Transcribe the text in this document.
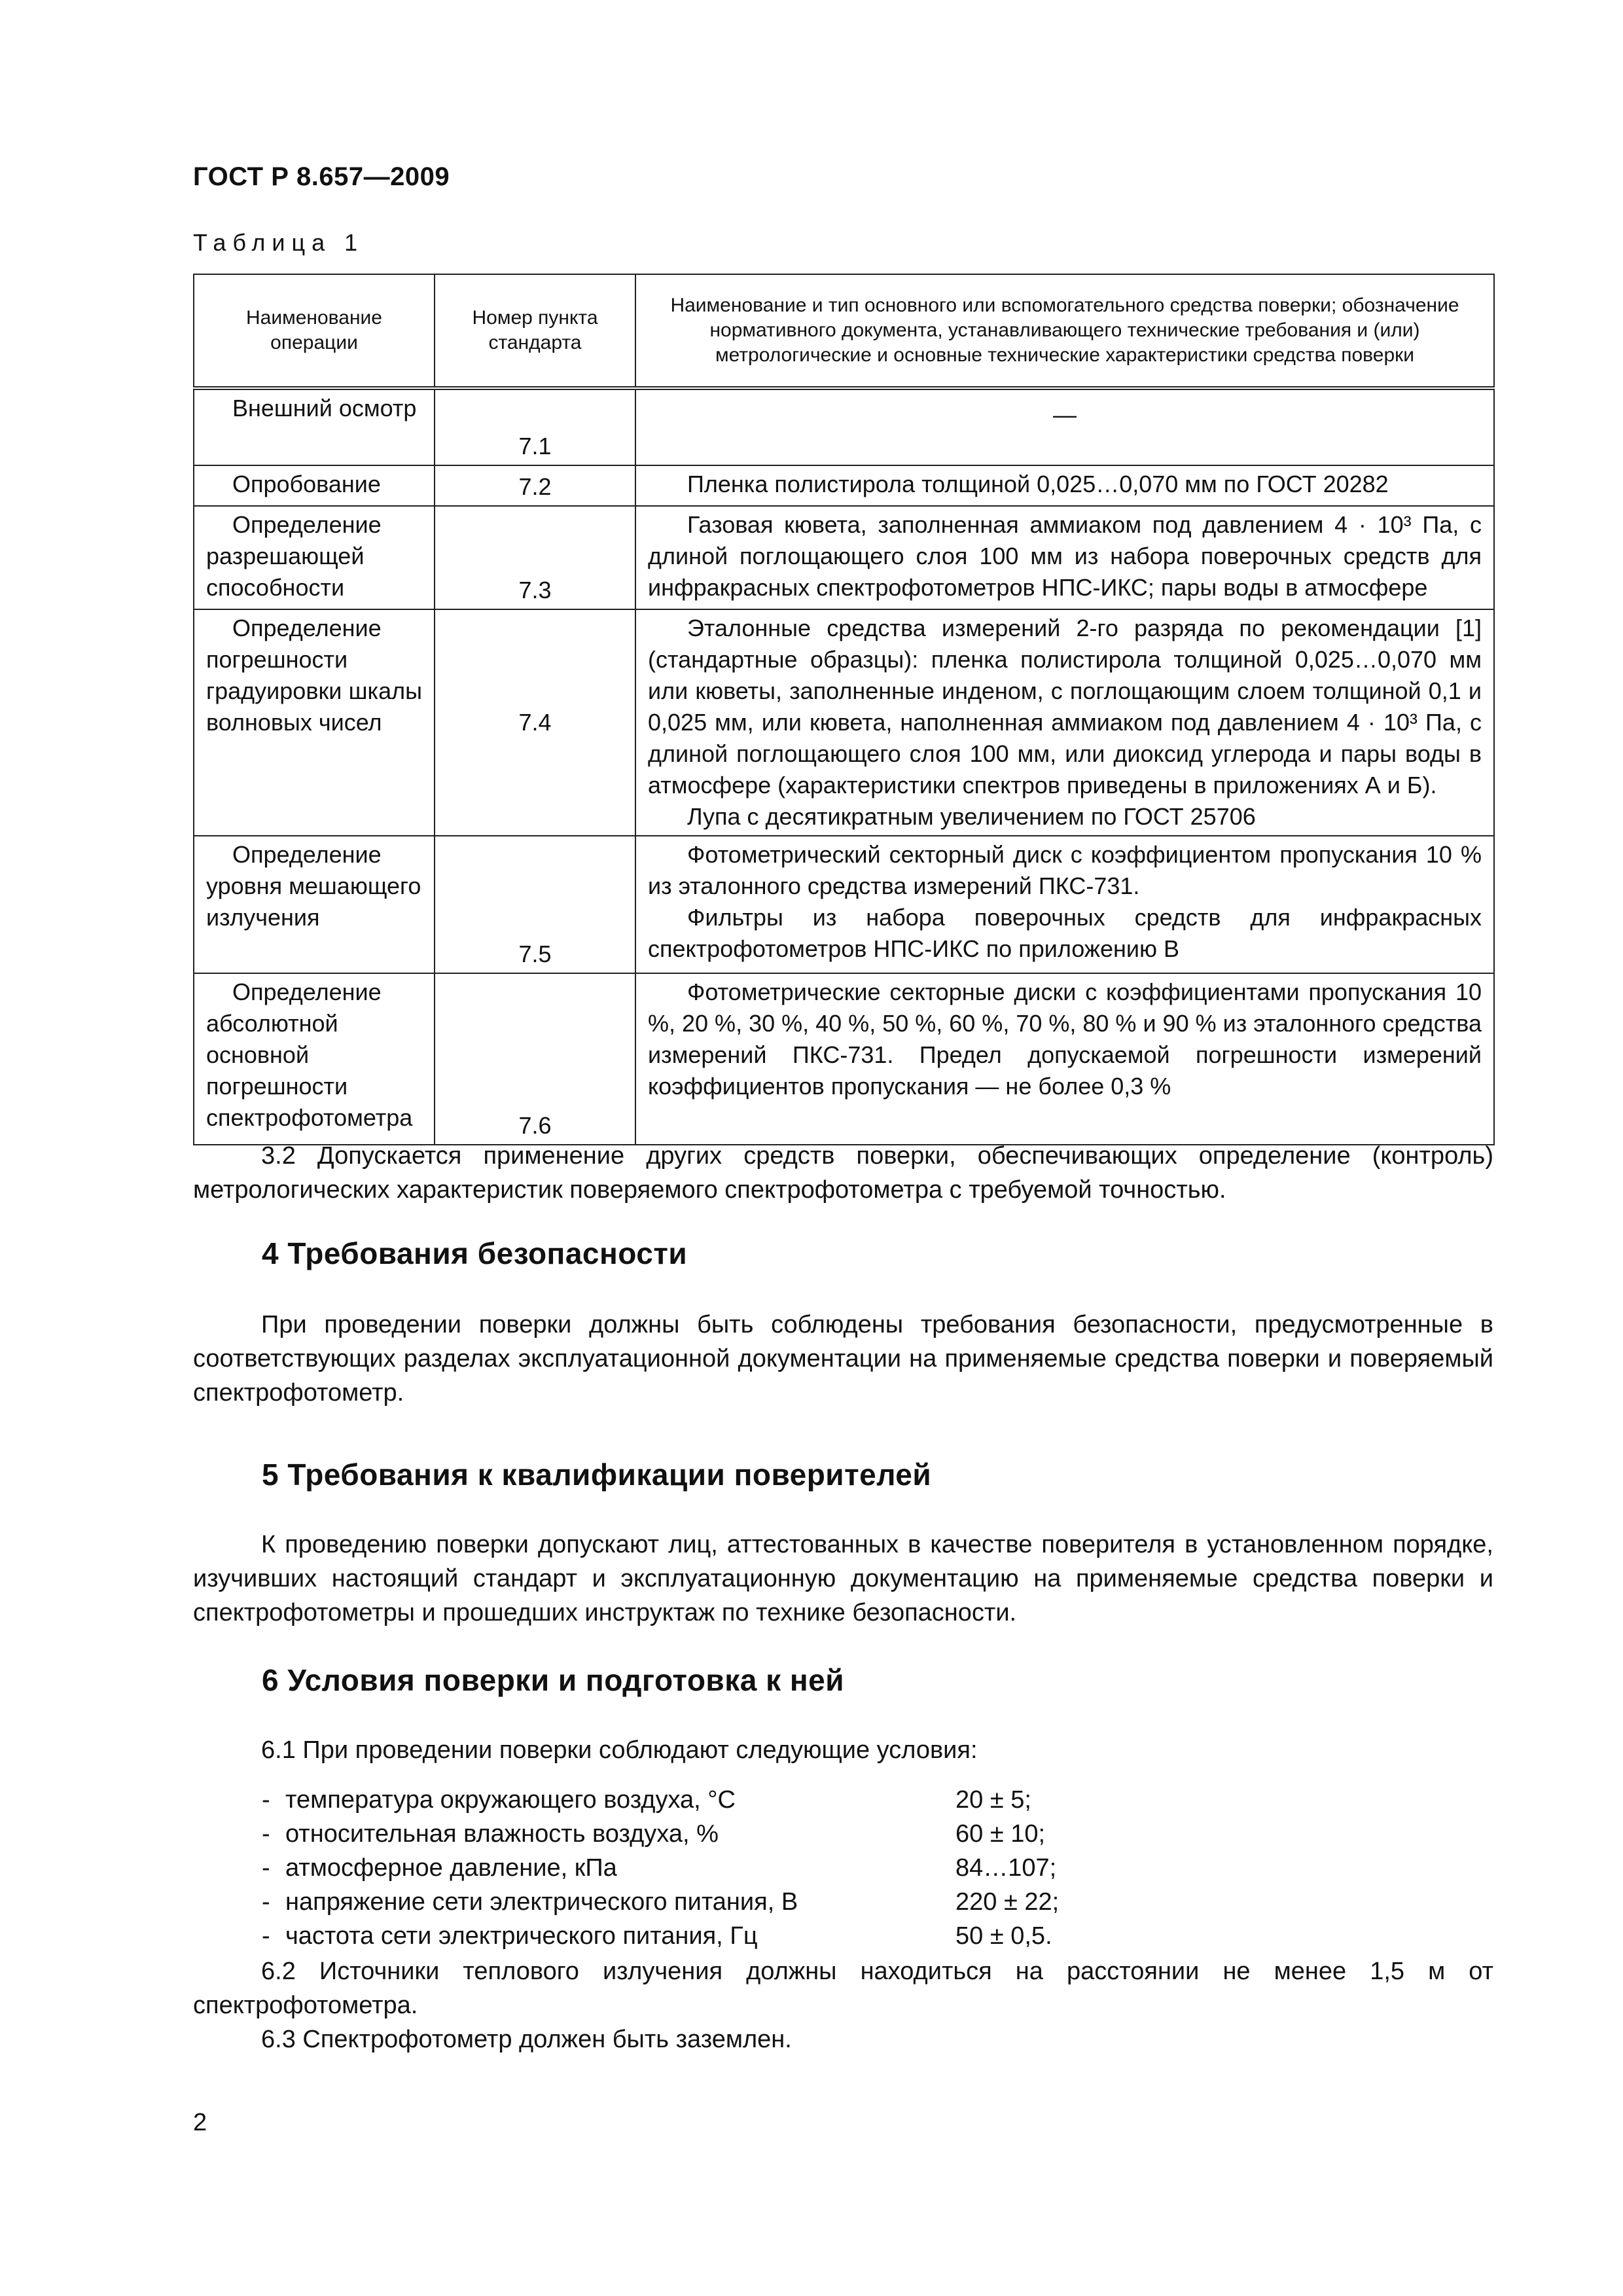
ГОСТ Р 8.657—2009
Таблица 1
Наименование операции	Номер пункта стандарта	Наименование и тип основного или вспомогательного средства поверки; обозначение нормативного документа, устанавливающего технические требования и (или) метрологические и основные технические характеристики средства поверки
Внешний осмотр	7.1	—

Опробование	7.2	Пленка полистирола толщиной 0,025…0,070 мм по ГОСТ 20282

Определение разрешающей способности	7.3	Газовая кювета, заполненная аммиаком под давлением 4 · 10³ Па, с длиной поглощающего слоя 100 мм из набора поверочных средств для инфракрасных спектрофотометров НПС-ИКС; пары воды в атмосфере

Определение погрешности градуировки шкалы волновых чисел	7.4	Эталонные средства измерений 2-го разряда по рекомендации [1] (стандартные образцы): пленка полистирола толщиной 0,025…0,070 мм или кюветы, заполненные инденом, с поглощающим слоем толщиной 0,1 и 0,025 мм, или кювета, наполненная аммиаком под давлением 4 · 10³ Па, с длиной поглощающего слоя 100 мм, или диоксид углерода и пары воды в атмосфере (характеристики спектров приведены в приложениях А и Б).

Лупа с десятикратным увеличением по ГОСТ 25706

Определение уровня мешающего излучения	7.5	Фотометрический секторный диск с коэффициентом пропускания 10 % из эталонного средства измерений ПКС-731.

Фильтры из набора поверочных средств для инфракрасных спектрофотометров НПС-ИКС по приложению В

Определение абсолютной основной погрешности спектрофотометра	7.6	Фотометрические секторные диски с коэффициентами пропускания 10 %, 20 %, 30 %, 40 %, 50 %, 60 %, 70 %, 80 % и 90 % из эталонного средства измерений ПКС-731. Предел допускаемой погрешности измерений коэффициентов пропускания — не более 0,3 %

3.2 Допускается применение других средств поверки, обеспечивающих определение (контроль) метрологических характеристик поверяемого спектрофотометра с требуемой точностью.

4 Требования безопасности

При проведении поверки должны быть соблюдены требования безопасности, предусмотренные в соответствующих разделах эксплуатационной документации на применяемые средства поверки и поверяемый спектрофотометр.

5 Требования к квалификации поверителей

К проведению поверки допускают лиц, аттестованных в качестве поверителя в установленном порядке, изучивших настоящий стандарт и эксплуатационную документацию на применяемые средства поверки и спектрофотометры и прошедших инструктаж по технике безопасности.

6 Условия поверки и подготовка к ней

6.1 При проведении поверки соблюдают следующие условия:

- температура окружающего воздуха, °С	20 ± 5;
- относительная влажность воздуха, %	60 ± 10;
- атмосферное давление, кПа	84…107;
- напряжение сети электрического питания, В	220 ± 22;
- частота сети электрического питания, Гц	50 ± 0,5.

6.2 Источники теплового излучения должны находиться на расстоянии не менее 1,5 м от спектрофотометра.

6.3 Спектрофотометр должен быть заземлен.

2
